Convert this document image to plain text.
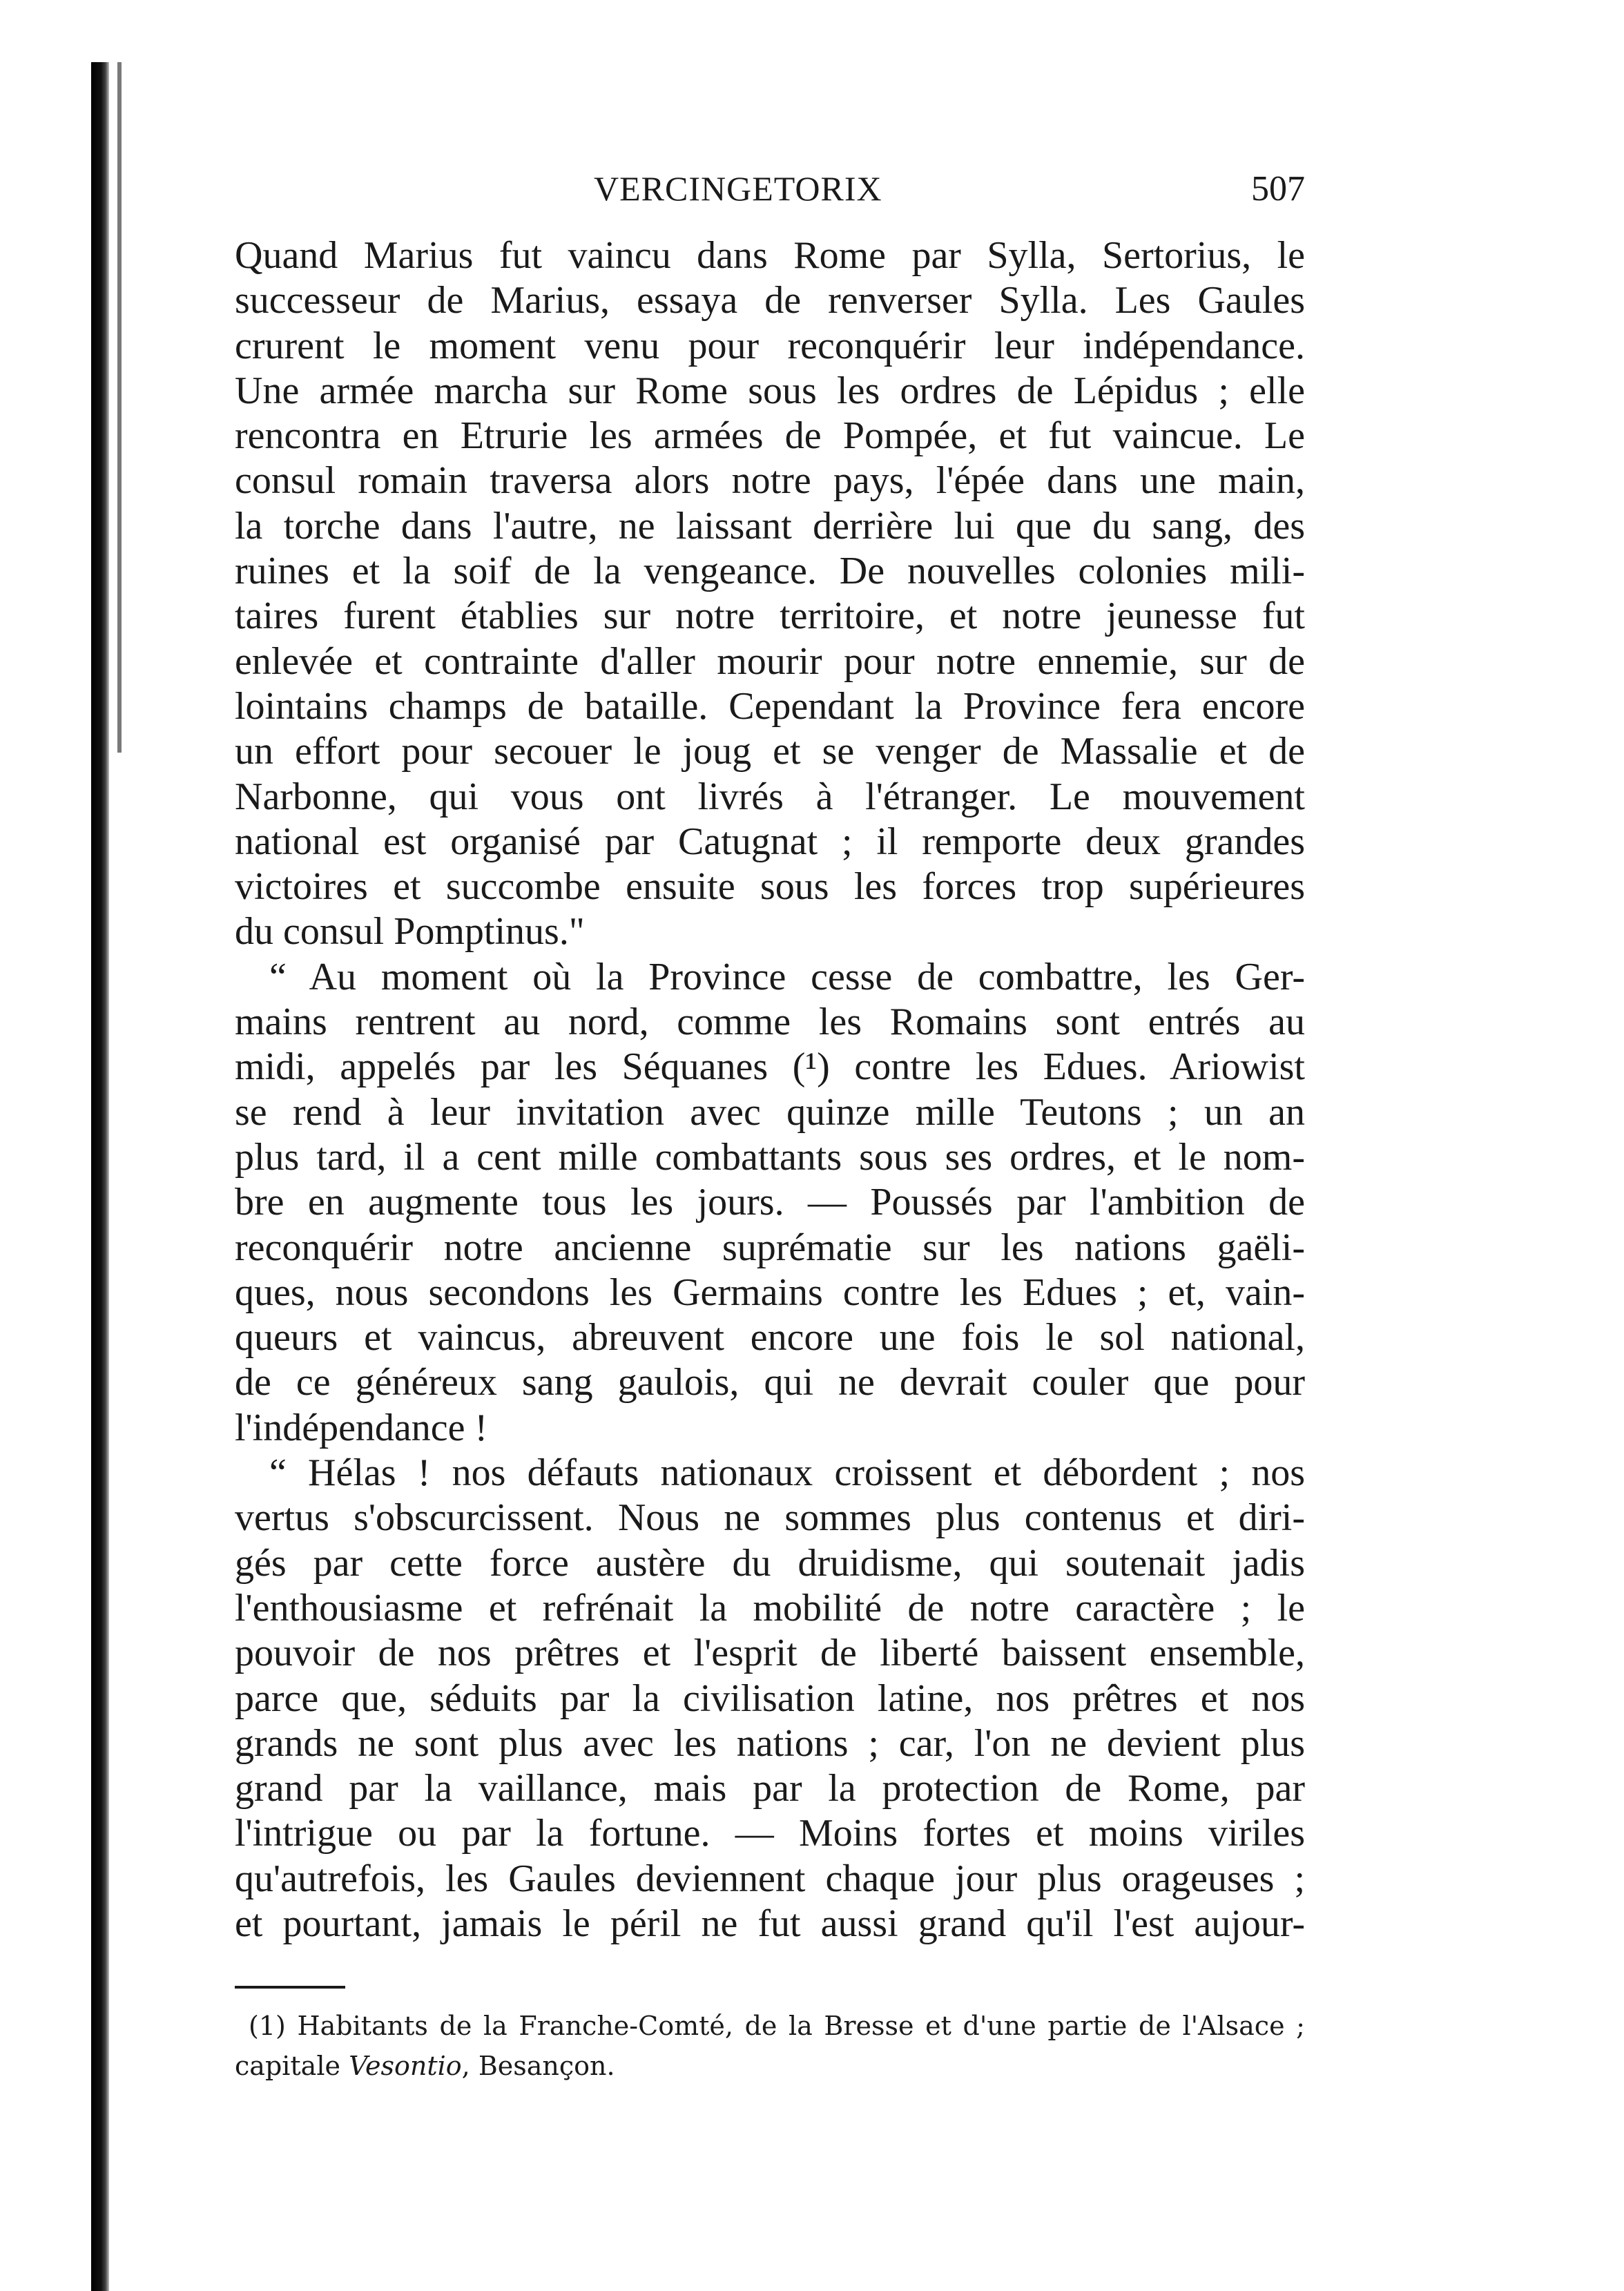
VERCINGETORIX	507
Quand Marius fut vaincu dans Rome par Sylla, Sertorius, le
successeur de Marius, essaya de renverser Sylla. Les Gaules
crurent le moment venu pour reconquérir leur indépendance.
Une armée marcha sur Rome sous les ordres de Lépidus ; elle
rencontra en Etrurie les armées de Pompée, et fut vaincue. Le
consul romain traversa alors notre pays, l'épée dans une main,
la torche dans l'autre, ne laissant derrière lui que du sang, des
ruines et la soif de la vengeance. De nouvelles colonies mili-
taires furent établies sur notre territoire, et notre jeunesse fut
enlevée et contrainte d'aller mourir pour notre ennemie, sur de
lointains champs de bataille. Cependant la Province fera encore
un effort pour secouer le joug et se venger de Massalie et de
Narbonne, qui vous ont livrés à l'étranger. Le mouvement
national est organisé par Catugnat ; il remporte deux grandes
victoires et succombe ensuite sous les forces trop supérieures
du consul Pomptinus."
“ Au moment où la Province cesse de combattre, les Ger-
mains rentrent au nord, comme les Romains sont entrés au
midi, appelés par les Séquanes (¹) contre les Edues. Ariowist
se rend à leur invitation avec quinze mille Teutons ; un an
plus tard, il a cent mille combattants sous ses ordres, et le nom-
bre en augmente tous les jours. — Poussés par l'ambition de
reconquérir notre ancienne suprématie sur les nations gaëli-
ques, nous secondons les Germains contre les Edues ; et, vain-
queurs et vaincus, abreuvent encore une fois le sol national,
de ce généreux sang gaulois, qui ne devrait couler que pour
l'indépendance !
“ Hélas ! nos défauts nationaux croissent et débordent ; nos
vertus s'obscurcissent. Nous ne sommes plus contenus et diri-
gés par cette force austère du druidisme, qui soutenait jadis
l'enthousiasme et refrénait la mobilité de notre caractère ; le
pouvoir de nos prêtres et l'esprit de liberté baissent ensemble,
parce que, séduits par la civilisation latine, nos prêtres et nos
grands ne sont plus avec les nations ; car, l'on ne devient plus
grand par la vaillance, mais par la protection de Rome, par
l'intrigue ou par la fortune. — Moins fortes et moins viriles
qu'autrefois, les Gaules deviennent chaque jour plus orageuses ;
et pourtant, jamais le péril ne fut aussi grand qu'il l'est aujour-
(1) Habitants de la Franche-Comté, de la Bresse et d'une partie de l'Alsace ;
capitale Vesontio, Besançon.
